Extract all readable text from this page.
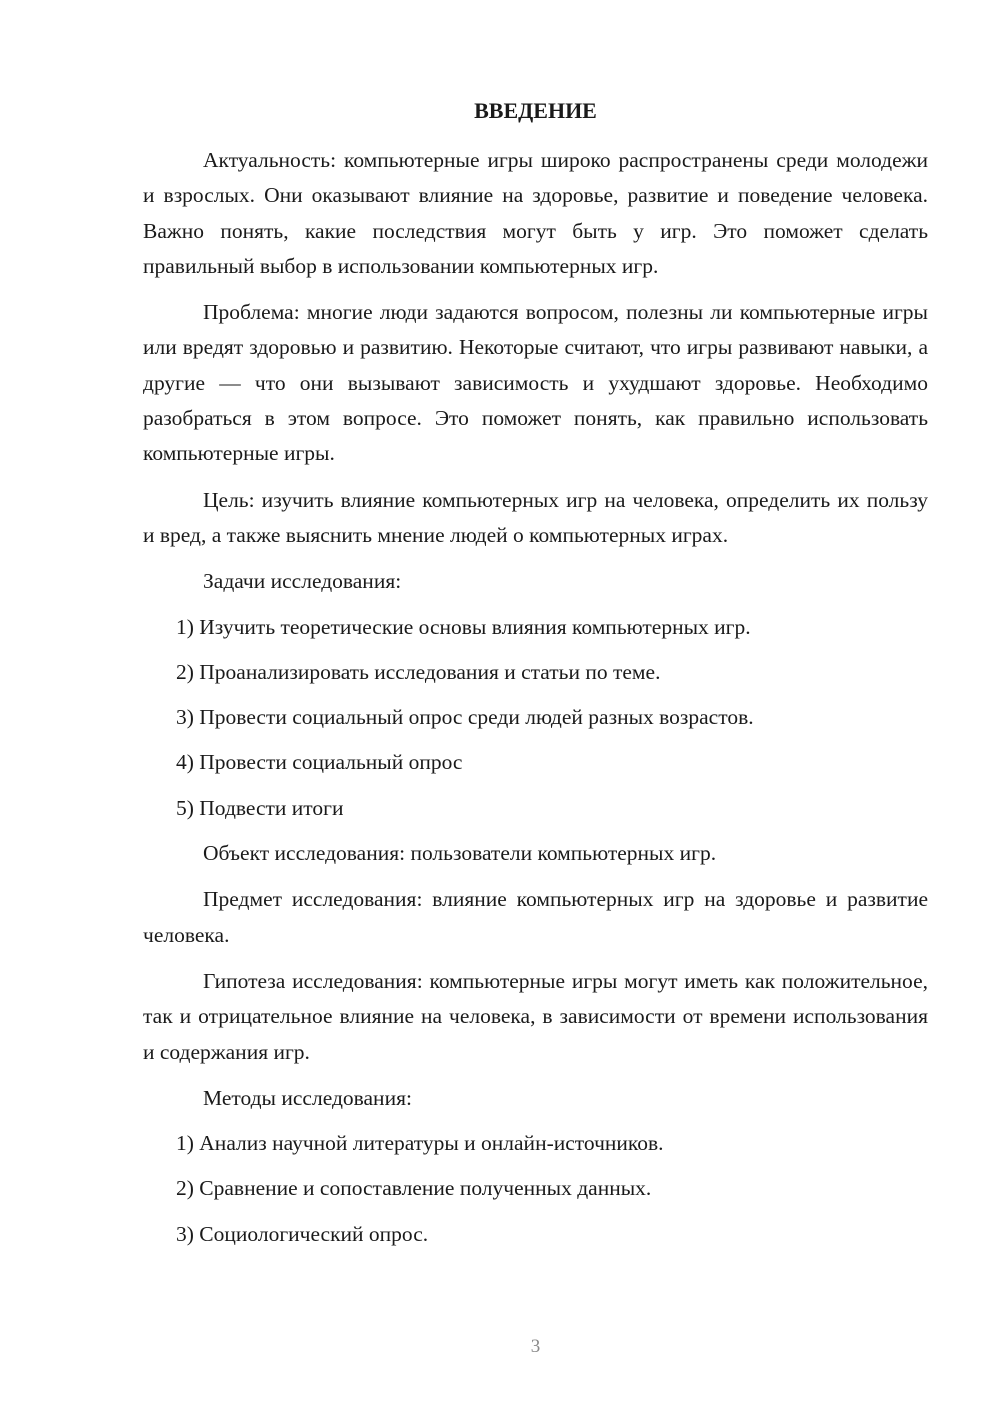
ВВЕДЕНИЕ

Актуальность: компьютерные игры широко распространены среди молодежи и взрослых. Они оказывают влияние на здоровье, развитие и поведение человека. Важно понять, какие последствия могут быть у игр. Это поможет сделать правильный выбор в использовании компьютерных игр.

Проблема: многие люди задаются вопросом, полезны ли компьютерные игры или вредят здоровью и развитию. Некоторые считают, что игры развивают навыки, а другие — что они вызывают зависимость и ухудшают здоровье. Необходимо разобраться в этом вопросе. Это поможет понять, как правильно использовать компьютерные игры.

Цель: изучить влияние компьютерных игр на человека, определить их пользу и вред, а также выяснить мнение людей о компьютерных играх.

Задачи исследования:

1) Изучить теоретические основы влияния компьютерных игр.

2) Проанализировать исследования и статьи по теме.

3) Провести социальный опрос среди людей разных возрастов.

4) Провести социальный опрос

5) Подвести итоги

Объект исследования: пользователи компьютерных игр.

Предмет исследования: влияние компьютерных игр на здоровье и развитие человека.

Гипотеза исследования: компьютерные игры могут иметь как положительное, так и отрицательное влияние на человека, в зависимости от времени использования и содержания игр.

Методы исследования:

1) Анализ научной литературы и онлайн-источников.

2) Сравнение и сопоставление полученных данных.

3) Социологический опрос.

3
